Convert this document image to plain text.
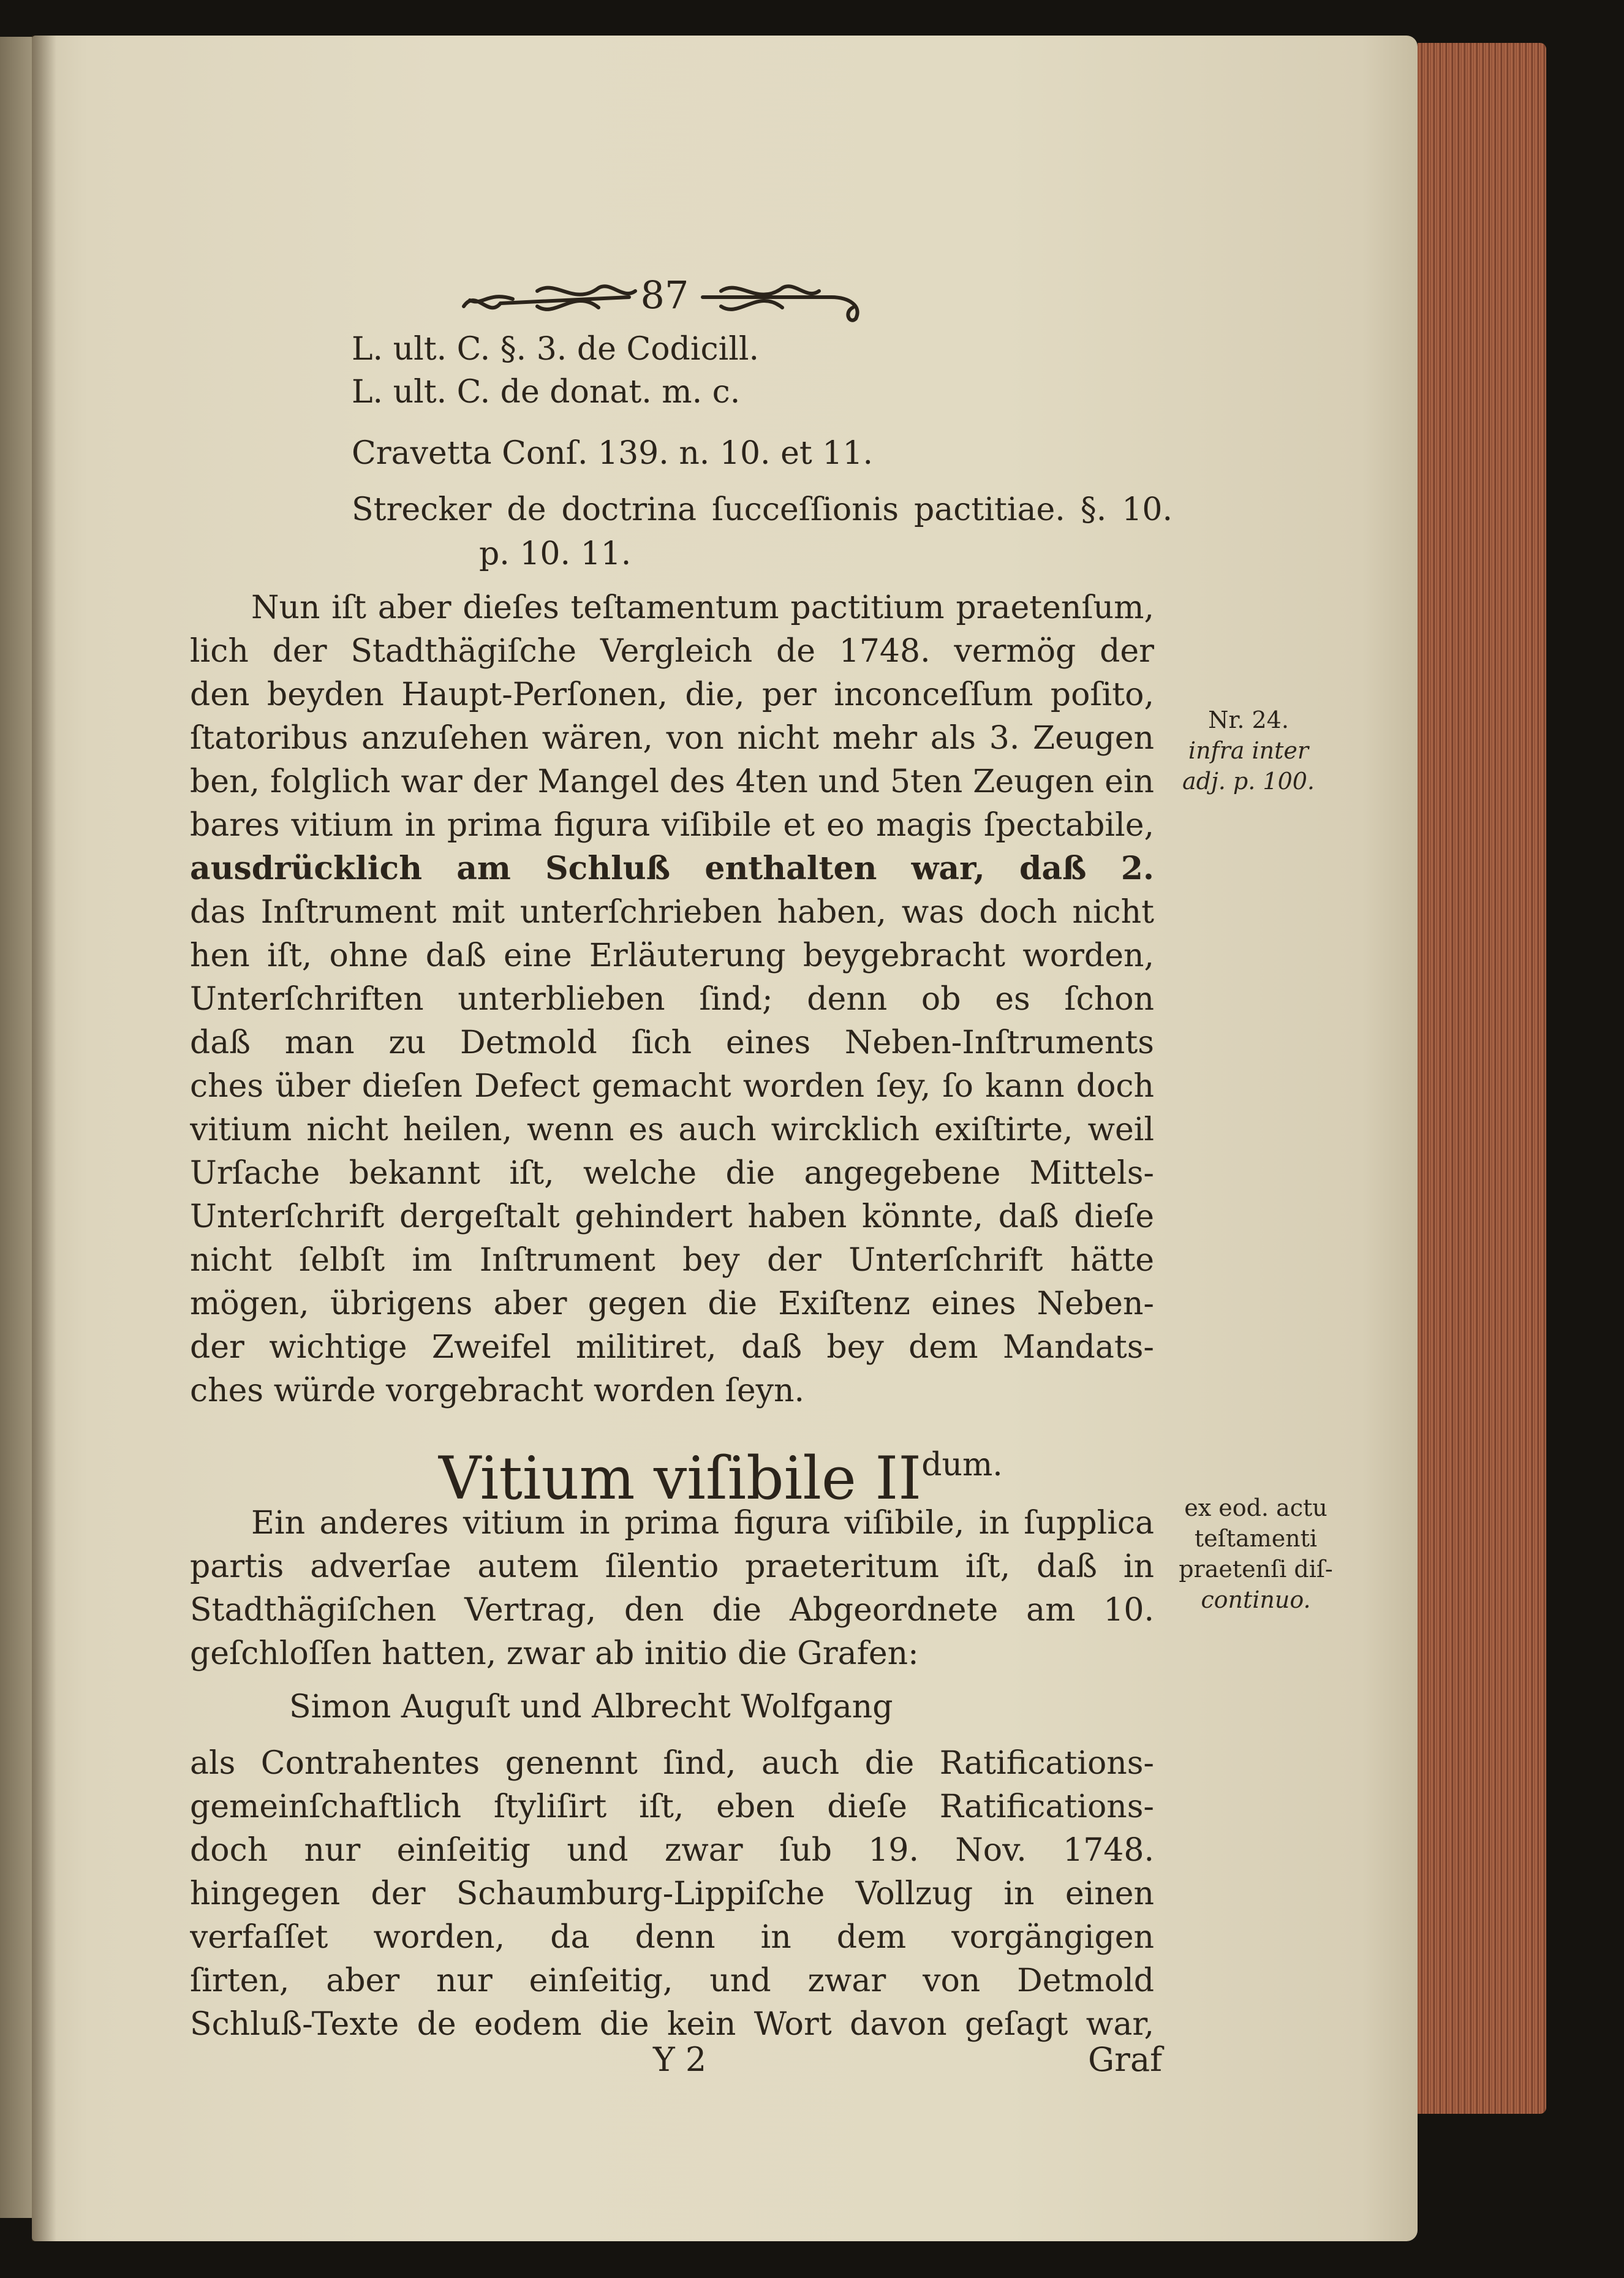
87
L. ult. C. §. 3. de Codicill.
L. ult. C. de donat. m. c.
Cravetta Conſ. 139. n. 10. et 11.
Strecker de doctrina ſucceſſionis pactitiae. §. 10.
p. 10. 11.
Nun iſt aber dieſes teſtamentum pactitium praetenſum,
lich der Stadthägiſche Vergleich de 1748. vermög der
den beyden Haupt-Perſonen, die, per inconceſſum poſito,
ſtatoribus anzuſehen wären, von nicht mehr als 3. Zeugen
ben, folglich war der Mangel des 4ten und 5ten Zeugen ein
bares vitium in prima figura viſibile et eo magis ſpectabile,
ausdrücklich am Schluß enthalten war, daß 2.
das Inſtrument mit unterſchrieben haben, was doch nicht
hen iſt, ohne daß eine Erläuterung beygebracht worden,
Unterſchriften unterblieben ſind; denn ob es ſchon
daß man zu Detmold ſich eines Neben-Inſtruments
ches über dieſen Defect gemacht worden ſey, ſo kann doch
vitium nicht heilen, wenn es auch wircklich exiſtirte, weil
Urſache bekannt iſt, welche die angegebene Mittels-
Unterſchrift dergeſtalt gehindert haben könnte, daß dieſe
nicht ſelbſt im Inſtrument bey der Unterſchrift hätte
mögen, übrigens aber gegen die Exiſtenz eines Neben-
der wichtige Zweifel militiret, daß bey dem Mandats-
ches würde vorgebracht worden ſeyn.
Nr. 24.
infra inter
adj. p. 100.
Vitium viſibile $II^{dum.}$
Ein anderes vitium in prima figura viſibile, in ſupplica
partis adverſae autem ſilentio praeteritum iſt, daß in
Stadthägiſchen Vertrag, den die Abgeordnete am 10.
geſchloſſen hatten, zwar ab initio die Grafen:
Simon Auguſt und Albrecht Wolfgang
als Contrahentes genennt ſind, auch die Ratifications-
gemeinſchaftlich ſtyliſirt iſt, eben dieſe Ratifications-
doch nur einſeitig und zwar ſub 19. Nov. 1748.
hingegen der Schaumburg-Lippiſche Vollzug in einen
verfaſſet worden, da denn in dem vorgängigen
ſirten, aber nur einſeitig, und zwar von Detmold
Schluß-Texte de eodem die kein Wort davon geſagt war,
ex eod. actu
teſtamenti
praetenſi diſ-
continuo.
Y 2	Graf
